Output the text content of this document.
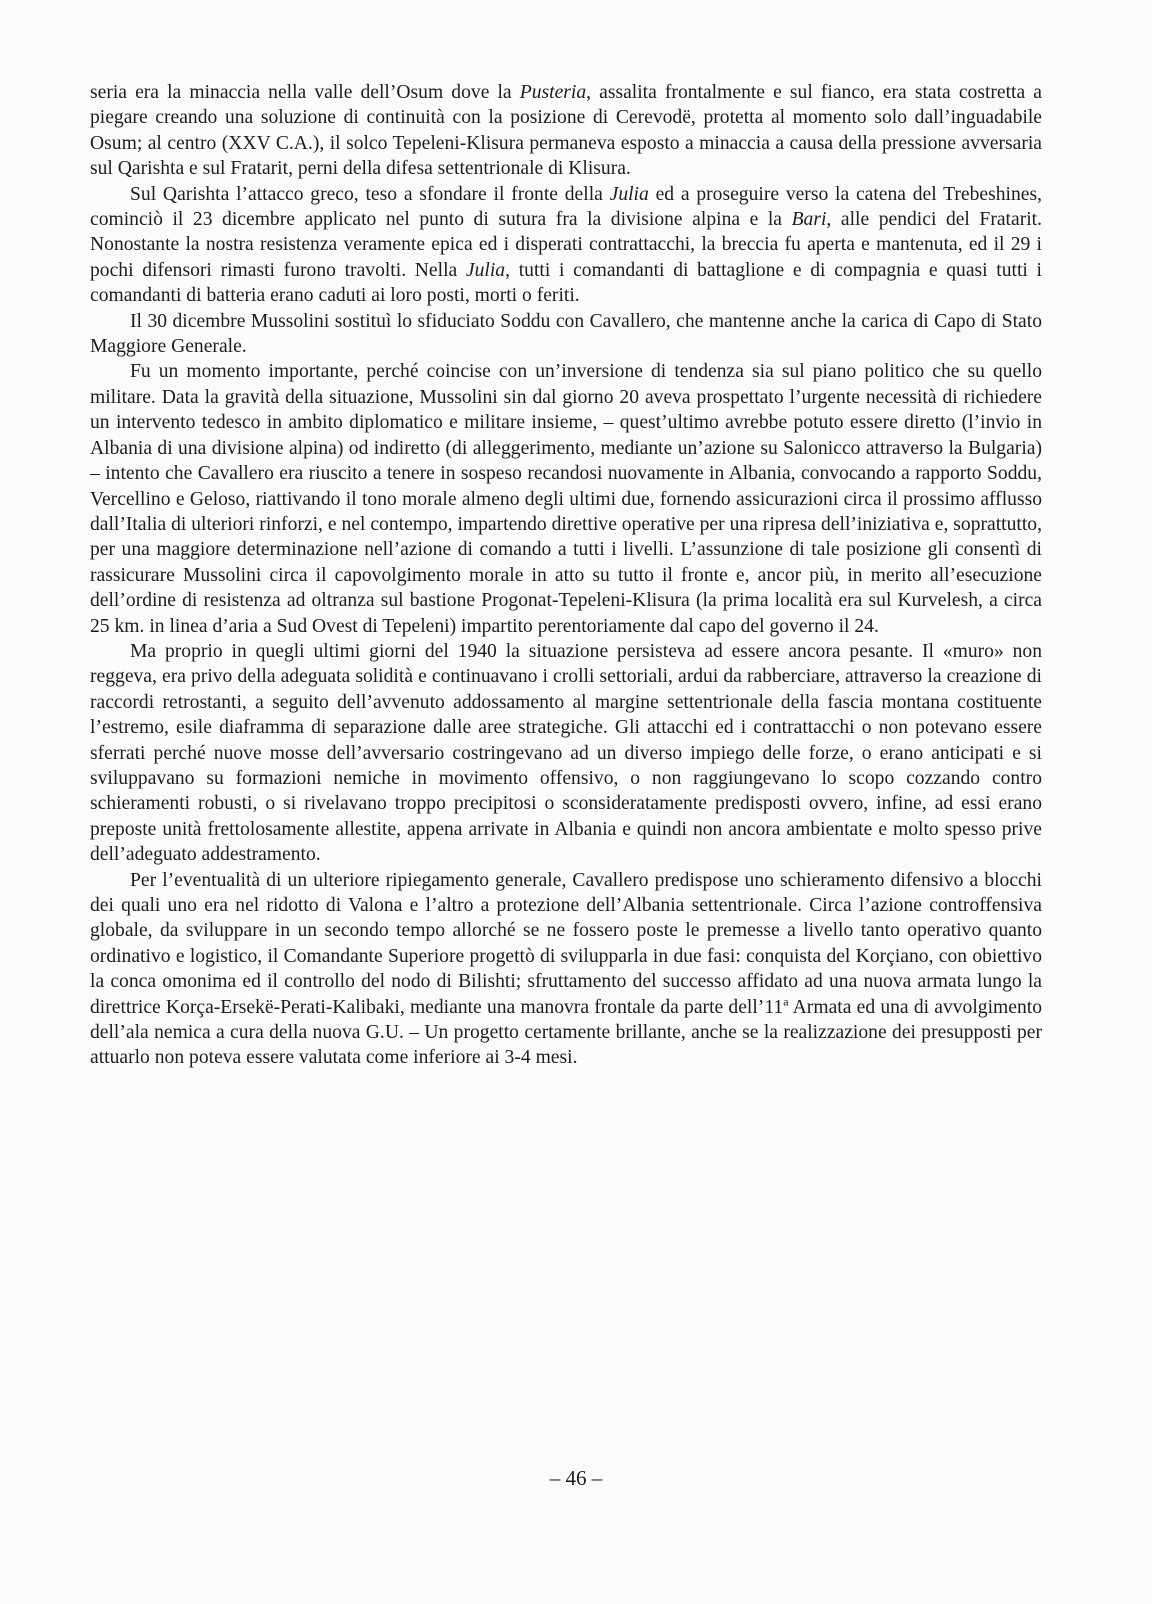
seria era la minaccia nella valle dell’Osum dove la Pusteria, assalita frontalmente e sul fianco, era stata costretta a piegare creando una soluzione di continuità con la posizione di Cerevodë, protetta al momento solo dall’inguadabile Osum; al centro (XXV C.A.), il solco Tepeleni-Klisura permaneva esposto a minaccia a causa della pressione avversaria sul Qarishta e sul Fratarit, perni della difesa settentrionale di Klisura.

Sul Qarishta l’attacco greco, teso a sfondare il fronte della Julia ed a proseguire verso la catena del Trebeshines, cominciò il 23 dicembre applicato nel punto di sutura fra la divisione alpina e la Bari, alle pendici del Fratarit. Nonostante la nostra resistenza veramente epica ed i disperati contrattacchi, la breccia fu aperta e mantenuta, ed il 29 i pochi difensori rimasti furono travolti. Nella Julia, tutti i comandanti di battaglione e di compagnia e quasi tutti i comandanti di batteria erano caduti ai loro posti, morti o feriti.

Il 30 dicembre Mussolini sostituì lo sfiduciato Soddu con Cavallero, che mantenne anche la carica di Capo di Stato Maggiore Generale.

Fu un momento importante, perché coincise con un’inversione di tendenza sia sul piano politico che su quello militare. Data la gravità della situazione, Mussolini sin dal giorno 20 aveva prospettato l’urgente necessità di richiedere un intervento tedesco in ambito diplomatico e militare insieme, – quest’ultimo avrebbe potuto essere diretto (l’invio in Albania di una divisione alpina) od indiretto (di alleggerimento, mediante un’azione su Salonicco attraverso la Bulgaria) – intento che Cavallero era riuscito a tenere in sospeso recandosi nuovamente in Albania, convocando a rapporto Soddu, Vercellino e Geloso, riattivando il tono morale almeno degli ultimi due, fornendo assicurazioni circa il prossimo afflusso dall’Italia di ulteriori rinforzi, e nel contempo, impartendo direttive operative per una ripresa dell’iniziativa e, soprattutto, per una maggiore determinazione nell’azione di comando a tutti i livelli. L’assunzione di tale posizione gli consentì di rassicurare Mussolini circa il capovolgimento morale in atto su tutto il fronte e, ancor più, in merito all’esecuzione dell’ordine di resistenza ad oltranza sul bastione Progonat-Tepeleni-Klisura (la prima località era sul Kurvelesh, a circa 25 km. in linea d’aria a Sud Ovest di Tepeleni) impartito perentoriamente dal capo del governo il 24.

Ma proprio in quegli ultimi giorni del 1940 la situazione persisteva ad essere ancora pesante. Il «muro» non reggeva, era privo della adeguata solidità e continuavano i crolli settoriali, ardui da rabberciare, attraverso la creazione di raccordi retrostanti, a seguito dell’avvenuto addossamento al margine settentrionale della fascia montana costituente l’estremo, esile diaframma di separazione dalle aree strategiche. Gli attacchi ed i contrattacchi o non potevano essere sferrati perché nuove mosse dell’avversario costringevano ad un diverso impiego delle forze, o erano anticipati e si sviluppavano su formazioni nemiche in movimento offensivo, o non raggiungevano lo scopo cozzando contro schieramenti robusti, o si rivelavano troppo precipitosi o sconsideratamente predisposti ovvero, infine, ad essi erano preposte unità frettolosamente allestite, appena arrivate in Albania e quindi non ancora ambientate e molto spesso prive dell’adeguato addestramento.

Per l’eventualità di un ulteriore ripiegamento generale, Cavallero predispose uno schieramento difensivo a blocchi dei quali uno era nel ridotto di Valona e l’altro a protezione dell’Albania settentrionale. Circa l’azione controffensiva globale, da sviluppare in un secondo tempo allorché se ne fossero poste le premesse a livello tanto operativo quanto ordinativo e logistico, il Comandante Superiore progettò di svilupparla in due fasi: conquista del Korçiano, con obiettivo la conca omonima ed il controllo del nodo di Bilishti; sfruttamento del successo affidato ad una nuova armata lungo la direttrice Korça-Ersekë-Perati-Kalibaki, mediante una manovra frontale da parte dell’11$^a$ Armata ed una di avvolgimento dell’ala nemica a cura della nuova G.U. – Un progetto certamente brillante, anche se la realizzazione dei presupposti per attuarlo non poteva essere valutata come inferiore ai 3-4 mesi.

– 46 –
